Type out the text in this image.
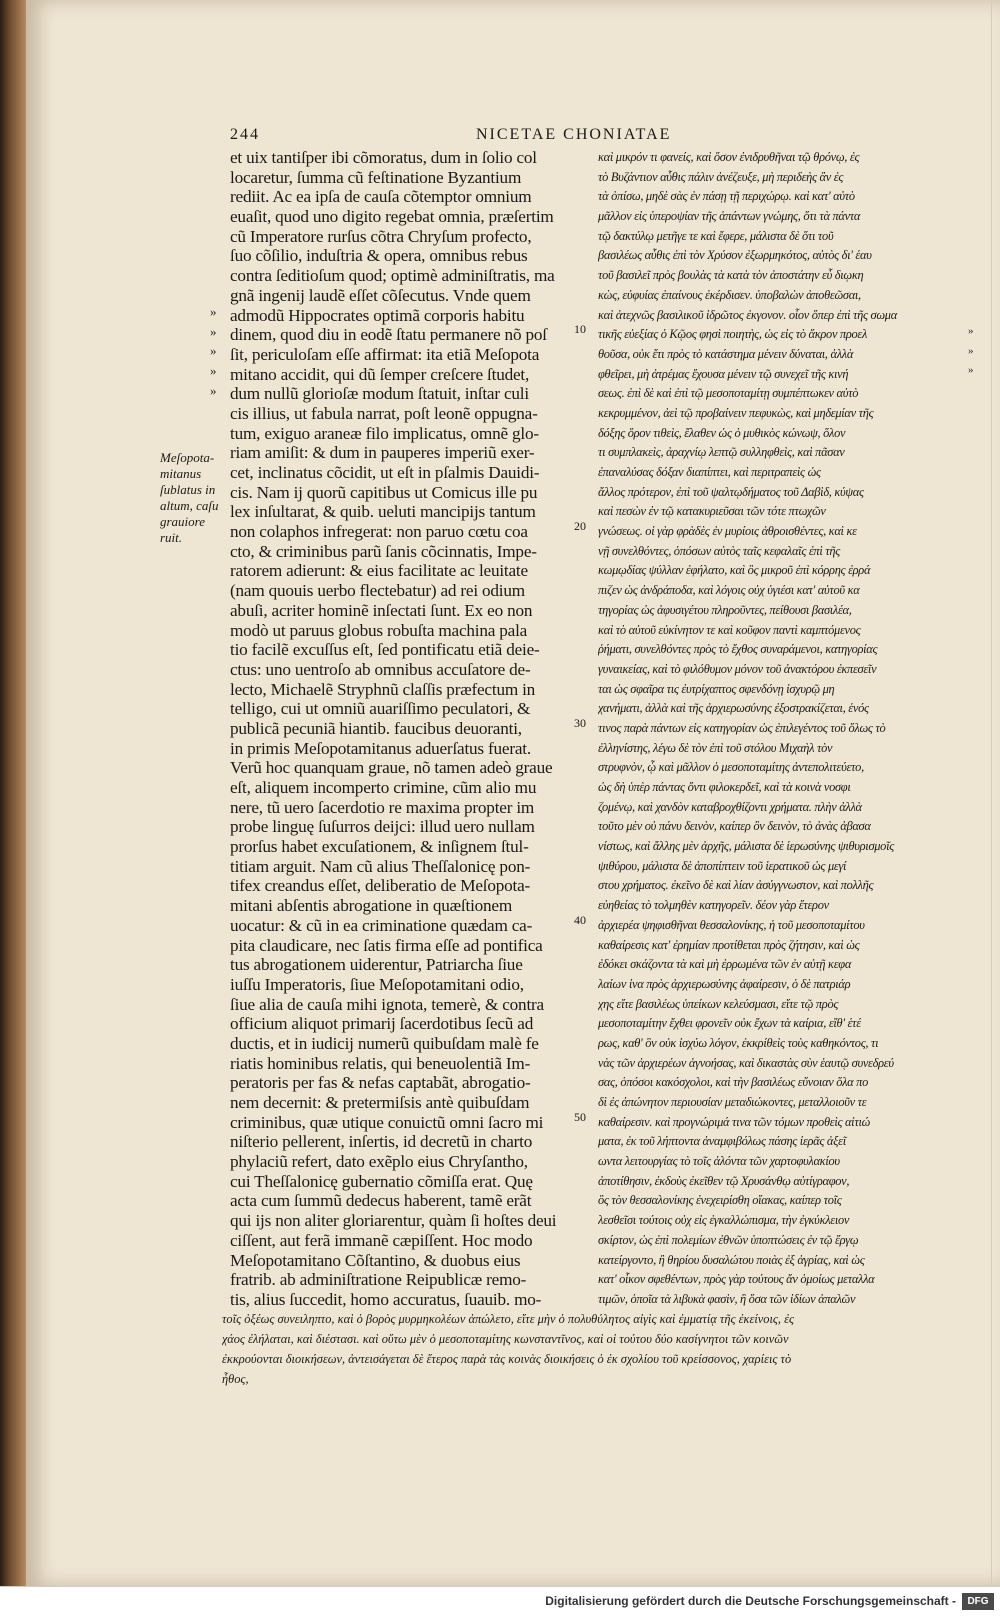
244	NICETAE CHONIATAE
et uix tantiſper ibi cõmoratus, dum in ſolio col
locaretur, ſumma cũ feſtinatione Byzantium
rediit. Ac ea ipſa de cauſa cõtemptor omnium
euaſit, quod uno digito regebat omnia, præſertim
cũ Imperatore rurſus cõtra Chryſum profecto,
ſuo cõſilio, induſtria & opera, omnibus rebus
contra ſeditioſum quod; optimè adminiſtratis, ma
gnã ingenij laudẽ eſſet cõſecutus. Vnde quem
admodũ Hippocrates optimã corporis habitu
dinem, quod diu in eodẽ ſtatu permanere nõ poſ
ſit, periculoſam eſſe affirmat: ita etiã Meſopota
mitano accidit, qui dũ ſemper creſcere ſtudet,
dum nullũ glorioſæ modum ſtatuit, inſtar culi
cis illius, ut fabula narrat, poſt leonẽ oppugna-
tum, exiguo araneæ filo implicatus, omnẽ glo-
riam amiſit: & dum in pauperes imperiũ exer-
cet, inclinatus cõcidit, ut eſt in pſalmis Dauidi-
cis. Nam ij quorũ capitibus ut Comicus ille pu
lex inſultarat, & quib. ueluti mancipijs tantum
non colaphos infregerat: non paruo cœtu coa
cto, & criminibus parũ ſanis cõcinnatis, Impe-
ratorem adierunt: & eius facilitate ac leuitate
(nam quouis uerbo flectebatur) ad rei odium
abuſi, acriter hominẽ inſectati ſunt. Ex eo non
modò ut paruus globus robuſta machina pala
tio facilẽ excuſſus eſt, ſed pontificatu etiã deie-
ctus: uno uentroſo ab omnibus accuſatore de-
lecto, Michaelẽ Stryphnũ claſſis præfectum in
telligo, cui ut omniũ auariſſimo peculatori, &
publicã pecuniã hiantib. faucibus deuoranti,
in primis Meſopotamitanus aduerſatus fuerat.
Verũ hoc quanquam graue, nõ tamen adeò graue
eſt, aliquem incomperto crimine, cũm alio mu
nere, tũ uero ſacerdotio re maxima propter im
probe linguę ſuſurros deijci: illud uero nullam
prorſus habet excuſationem, & inſignem ſtul-
titiam arguit. Nam cũ alius Theſſalonicę pon-
tifex creandus eſſet, deliberatio de Meſopota-
mitani abſentis abrogatione in quæſtionem
uocatur: & cũ in ea criminatione quædam ca-
pita claudicare, nec ſatis firma eſſe ad pontifica
tus abrogationem uiderentur, Patriarcha ſiue
iuſſu Imperatoris, ſiue Meſopotamitani odio,
ſiue alia de cauſa mihi ignota, temerè, & contra
officium aliquot primarij ſacerdotibus ſecũ ad
ductis, et in iudicij numerũ quibuſdam malè fe
riatis hominibus relatis, qui beneuolentiã Im-
peratoris per fas & nefas captabãt, abrogatio-
nem decernit: & pretermiſsis antè quibuſdam
criminibus, quæ utique conuictũ omni ſacro mi
niſterio pellerent, inſertis, id decretũ in charto
phylaciũ refert, dato exẽplo eius Chryſantho,
cui Theſſalonicę gubernatio cõmiſſa erat. Quę
acta cum ſummũ dedecus haberent, tamẽ erãt
qui ijs non aliter gloriarentur, quàm ſi hoſtes deui
ciſſent, aut ferã immanẽ cæpiſſent. Hoc modo
Meſopotamitano Cõſtantino, & duobus eius
fratrib. ab adminiſtratione Reipublicæ remo-
tis, alius ſuccedit, homo accuratus, ſuauib. mo-
καὶ μικρόν τι φανείς, καὶ ὅσον ἐνιδρυθῆναι τῷ θρόνῳ, ἐς
τὸ Βυζάντιον αὖθις πάλιν ἀνέζευξε, μὴ περιδεὴς ἂν ἐς
τὰ ὀπίσω, μηδὲ σὰς ἐν πάσῃ τῇ περιχώρῳ. καὶ κατ' αὐτὸ
μᾶλλον εἰς ὑπεροψίαν τῆς ἁπάντων γνώμης, ὅτι τὰ πάντα
τῷ δακτύλῳ μετῆγε τε καὶ ἔφερε, μάλιστα δὲ ὅτι τοῦ
βασιλέως αὖθις ἐπὶ τὸν Χρύσον ἐξωρμηκότος, αὐτὸς δι' ἑαυ
τοῦ βασιλεῖ πρὸς βουλὰς τὰ κατὰ τὸν ἀποστάτην εὖ διῳκη
κὼς, εὐφυίας ἐπαίνους ἐκέρδισεν. ὑποβαλὼν ἀποθεῶσαι,
καὶ ἀτεχνῶς βασιλικοῦ ἱδρῶτος ἐκγονον. οἷον ὅπερ ἐπὶ τῆς σωμα
τικῆς εὐεξίας ὁ Κῷος φησὶ ποιητὴς, ὡς εἰς τὸ ἄκρον προελ
θοῦσα, οὐκ ἔτι πρὸς τὸ κατάστημα μένειν δύναται, ἀλλὰ
φθεῖρει, μὴ ἀτρέμας ἔχουσα μένειν τῷ συνεχεῖ τῆς κινή
σεως. ἐπὶ δὲ καὶ ἐπὶ τῷ μεσοποταμίτῃ συμπέπτωκεν αὐτὸ
κεκρυμμένον, ἀεὶ τῷ προβαίνειν πεφυκὼς, καὶ μηδεμίαν τῆς
δόξης ὅρον τιθεὶς, ἔλαθεν ὡς ὁ μυθικὸς κώνωψ, ὅλον
τι συμπλακεὶς, ἀραχνίῳ λεπτῷ συλληφθεὶς, καὶ πᾶσαν
ἐπαναλύσας δόξαν διαπίπτει, καὶ περιτραπεὶς ὡς
ἄλλος πρότερον, ἐπὶ τοῦ ψαλτῳδήματος τοῦ Δαβὶδ, κύψας
καὶ πεσὼν ἐν τῷ κατακυριεῦσαι τῶν τότε πτωχῶν
γνώσεως. οἱ γὰρ φρὰδὲς ἐν μυρίοις ἀθροισθέντες, καὶ κε
νῇ συνελθόντες, ὁπόσων αὐτὸς ταῖς κεφαλαῖς ἐπὶ τῆς
κωμῳδίας ψύλλαν ἐφήλατο, καὶ ὃς μικροῦ ἐπὶ κόρρης ἐρρά
πιζεν ὡς ἀνδράποδα, καὶ λόγοις οὐχ ὑγιέσι κατ' αὐτοῦ κα
τηγορίας ὡς ἀφυσιγέτου πληροῦντες, πείθουσι βασιλέα,
καὶ τὸ αὐτοῦ εὐκίνητον τε καὶ κοῦφον παντὶ καμπτόμενος
ῥήματι, συνελθόντες πρὸς τὸ ἔχθος συναράμενοι, κατηγορίας
γυναικείας, καὶ τὸ φιλόθυμον μόνον τοῦ ἀνακτόρου ἐκπεσεῖν
ται ὡς σφαῖρα τις ἐυτρίχαπτος σφενδόνῃ ἰσχυρῷ μη
χανήματι, ἀλλὰ καὶ τῆς ἀρχιερωσύνης ἐξοστρακίζεται, ἑνός
τινος παρὰ πάντων εἰς κατηγορίαν ὡς ἐπιλεγέντος τοῦ ὅλως τὸ
ἐλληνίστης, λέγω δὲ τὸν ἐπὶ τοῦ στόλου Μιχαὴλ τὸν
στρυφνὸν, ᾧ καὶ μᾶλλον ὁ μεσοποταμίτης ἀντεπολιτεύετο,
ὡς δὴ ὑπὲρ πάντας ὄντι φιλοκερδεῖ, καὶ τὰ κοινὰ νοσφι
ζομένῳ, καὶ χανδὸν καταβροχθίζοντι χρήματα. πλὴν ἀλλὰ
τοῦτο μὲν οὐ πάνυ δεινὸν, καίπερ ὂν δεινὸν, τὸ ἀνὰς ἀβασα
νίστως, καὶ ἄλλης μὲν ἀρχῆς, μάλιστα δὲ ἱερωσύνης ψιθυρισμοῖς
ψιθύρου, μάλιστα δὲ ἀποπίπτειν τοῦ ἱερατικοῦ ὡς μεγί
στου χρήματος. ἐκεῖνο δὲ καὶ λίαν ἀσύγγνωστον, καὶ πολλῆς
εὐηθείας τὸ τολμηθὲν κατηγορεῖν. δέον γὰρ ἕτερον
ἀρχιερέα ψηφισθῆναι θεσσαλονίκης, ἡ τοῦ μεσοποταμίτου
καθαίρεσις κατ' ἐρημίαν προτίθεται πρὸς ζήτησιν, καὶ ὡς
ἐδόκει σκάζοντα τὰ καὶ μὴ ἐρρωμένα τῶν ἐν αὐτῇ κεφα
λαίων ἰνα πρὸς ἀρχιερωσύνης ἀφαίρεσιν, ὁ δὲ πατριάρ
χης εἴτε βασιλέως ὑπείκων κελεύσμασι, εἴτε τῷ πρὸς
μεσοποταμίτην ἔχθει φρονεῖν οὐκ ἔχων τὰ καίρια, εἴθ' ἑτέ
ρως, καθ' ὃν οὐκ ἰσχύω λόγον, ἐκκρίθεὶς τοὺς καθηκόντος, τι
νὰς τῶν ἀρχιερέων ἀγνοήσας, καὶ δικαστὰς σὺν ἑαυτῷ συνεδρεύ
σας, ὁπόσοι κακόσχολοι, καὶ τὴν βασιλέως εὔνοιαν ὅλα πο
δὶ ἐς ἀπώνητον περιουσίαν μεταδιώκοντες, μεταλλοιοῦν τε
καθαίρεσιν. καὶ προγνώριμά τινα τῶν τόμων προθεὶς αἰτιώ
ματα, ἐκ τοῦ λήπτοντα ἀναμφιβόλως πάσης ἱερᾶς ἀξεῖ
ωντα λειτουργίας τὸ τοῖς ἁλόντα τῶν χαρτοφυλακίου
ἀποτίθησιν, ἐκδοὺς ἐκεῖθεν τῷ Χρυσάνθῳ αὐτίγραφον,
ὃς τὸν θεσσαλονίκης ἐνεχειρίσθη οἴακας, καίπερ τοῖς
λεσθεῖσι τούτοις οὐχ εἰς ἐγκαλλώπισμα, τὴν ἐγκύκλειον
σκίρτον, ὡς ἐπὶ πολεμίων ἐθνῶν ὑποπτώσεις ἐν τῷ ἔργῳ
κατείργοντο, ἢ θηρίου δυσαλώτου ποιὰς ἐξ ἀγρίας, καὶ ὡς
κατ' οἷκον σφεθέντων, πρὸς γὰρ τούτους ἄν ὁμοίως μεταλλα
τιμῶν, ὁποῖα τὰ λιβυκὰ φασὶν, ἢ ὅσα τῶν ἰδίων ἀπαλῶν
»
»
»
»
»
»
»
»
Meſopota-
mitanus
ſublatus in
altum, caſu
grauiore
ruit.
10
20
30
40
50
τοῖς ὀξέως συνειληπτο, καὶ ὁ βορὸς μυρμηκολέων ἀπώλετο, εἴτε μὴν ὁ πολυθύλητος αἰγὶς καὶ ἐμματίᾳ τῆς ἐκείνοις, ἐς
χάος ἐλήλαται, καὶ διέστασι. καὶ οὕτω μὲν ὁ μεσοποταμίτης κωνσταντῖνος, καὶ οἱ τούτου δύο κασίγνητοι τῶν κοινῶν
ἐκκρούονται διοικήσεων, ἀντεισάγεται δὲ ἕτερος παρὰ τὰς κοινὰς διοικήσεις ὁ ἐκ σχολίου τοῦ κρείσσονος, χαρίεις τὸ
ἦθος,
Digitalisierung gefördert durch die Deutsche Forschungsgemeinschaft -	DFG
